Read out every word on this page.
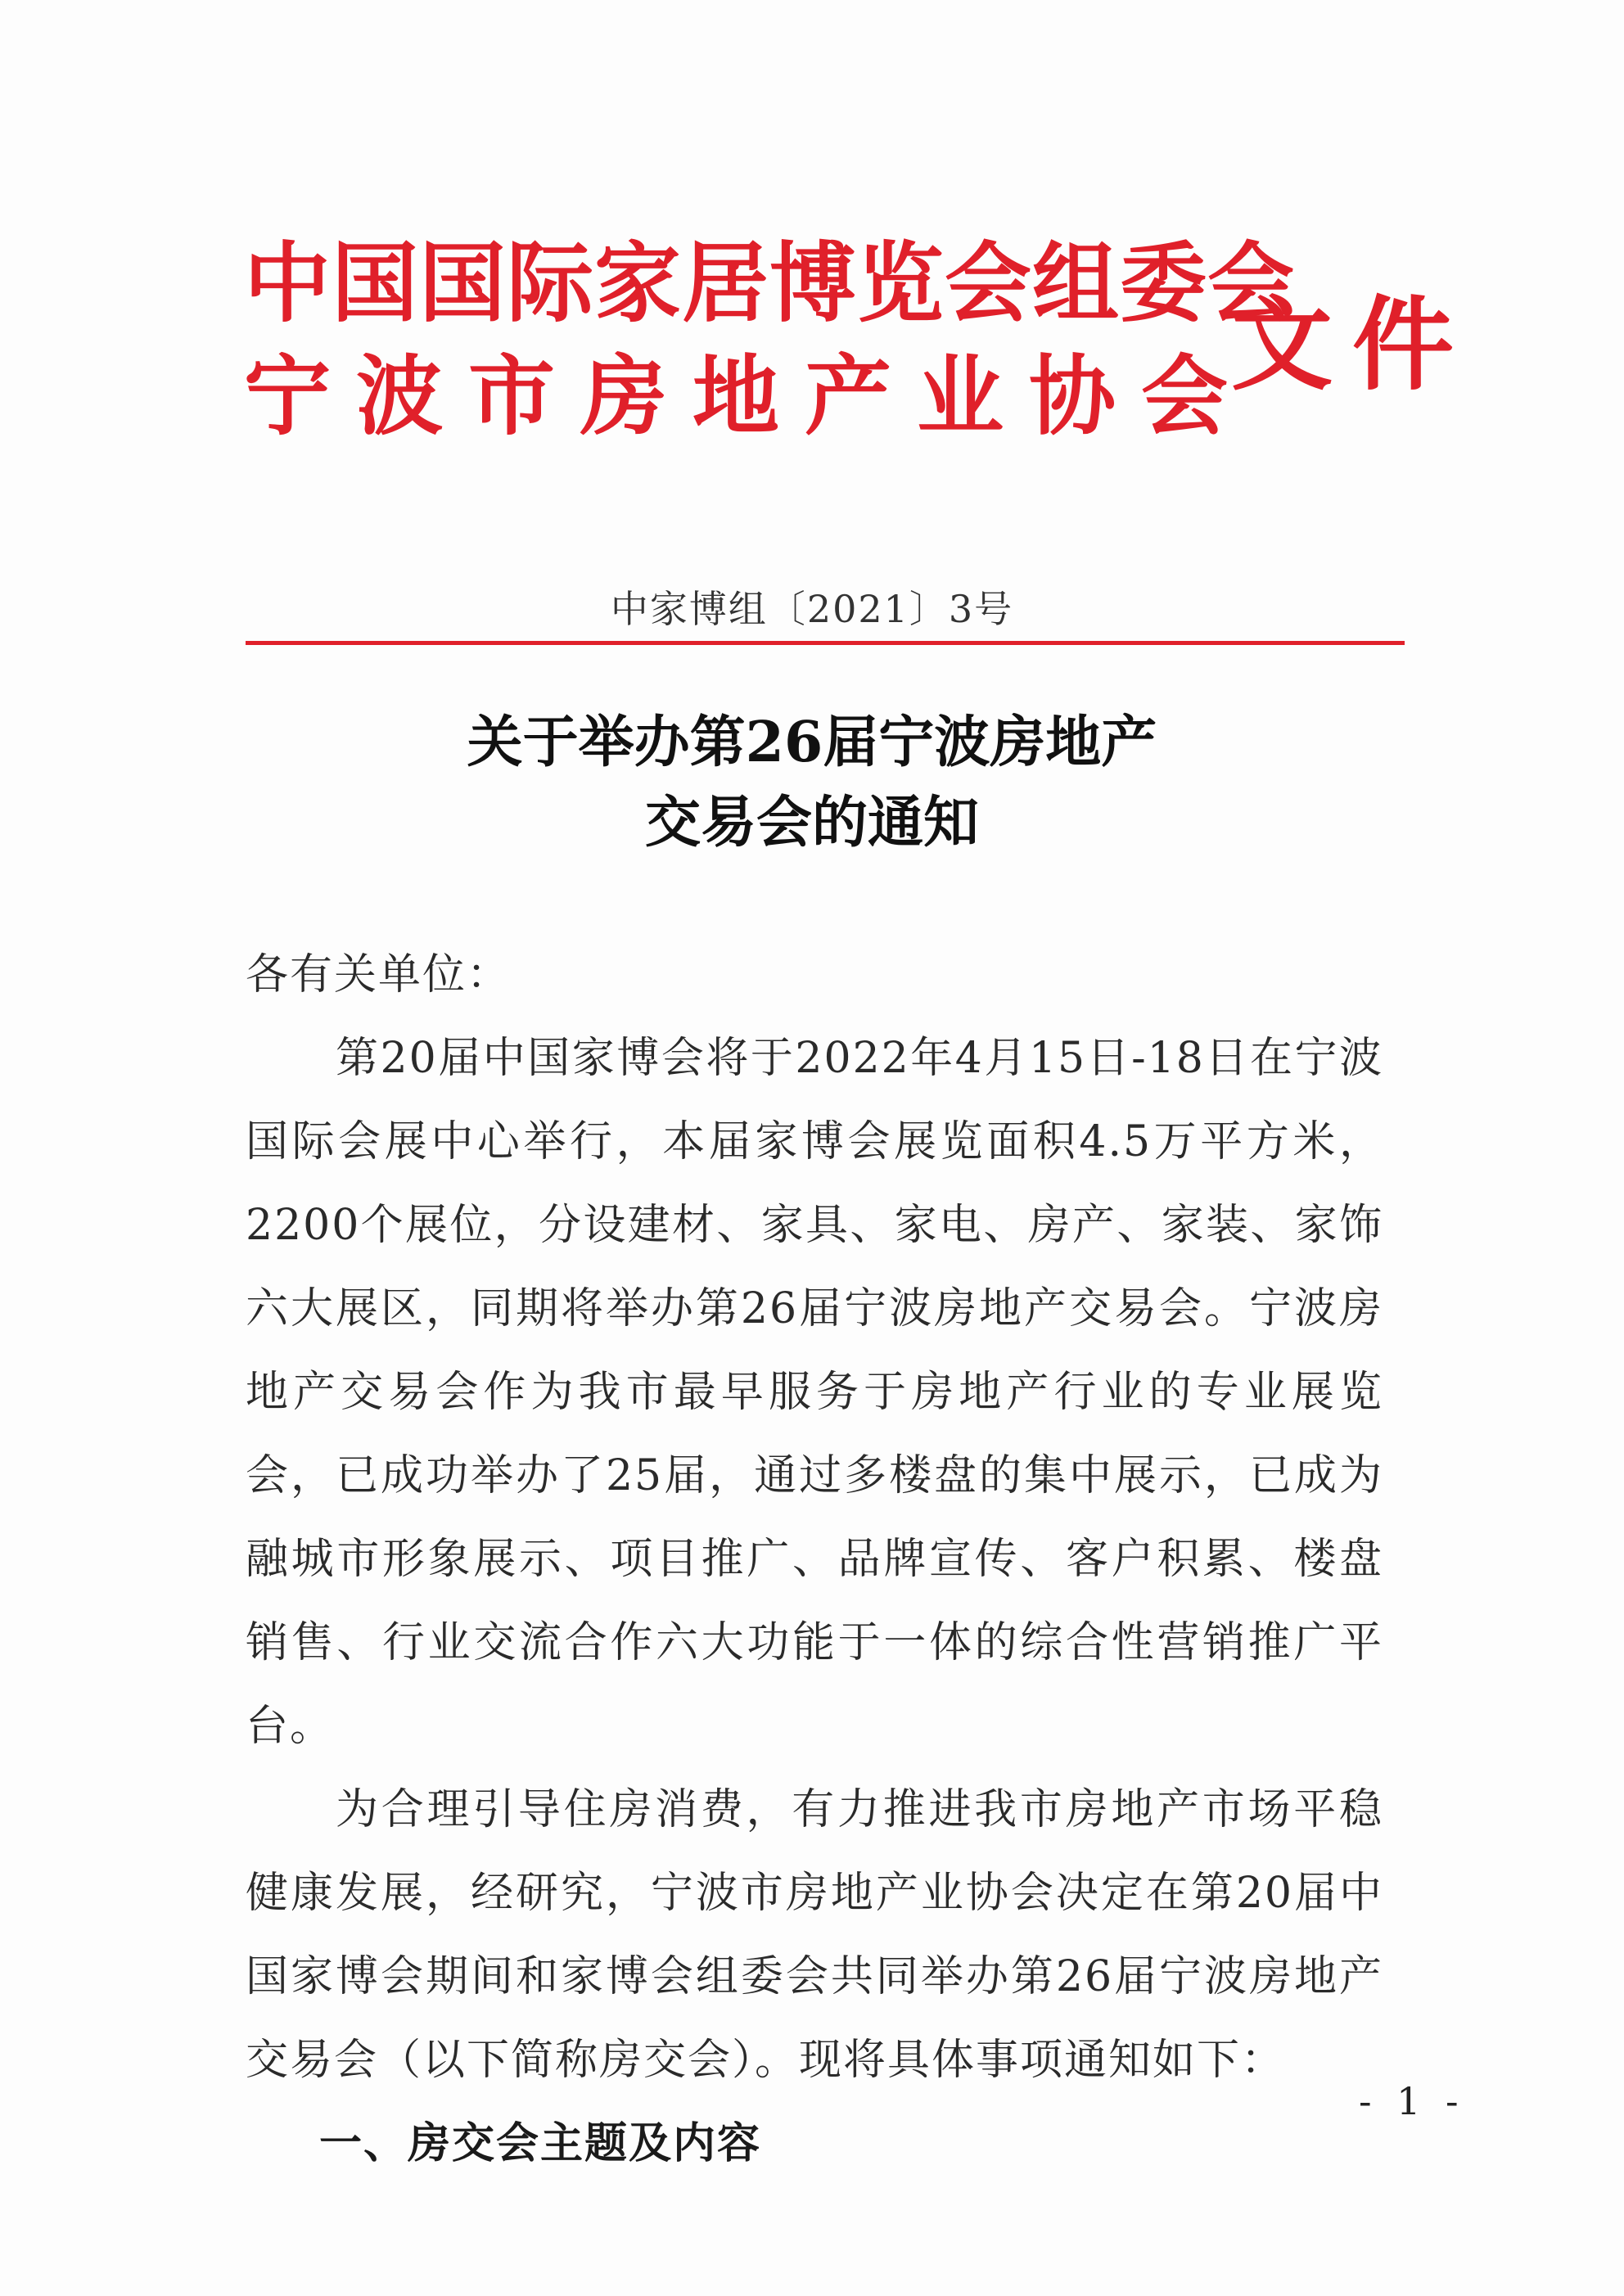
中国国际家居博览会组委会
宁波市房地产业协会
文件
中家博组〔2021〕3号
关于举办第26届宁波房地产
交易会的通知

各有关单位：

第20届中国家博会将于2022年4月15日-18日在宁波国际会展中心举行，本届家博会展览面积4.5万平方米，2200个展位，分设建材、家具、家电、房产、家装、家饰六大展区，同期将举办第26届宁波房地产交易会。宁波房地产交易会作为我市最早服务于房地产行业的专业展览会，已成功举办了25届，通过多楼盘的集中展示，已成为融城市形象展示、项目推广、品牌宣传、客户积累、楼盘销售、行业交流合作六大功能于一体的综合性营销推广平台。

为合理引导住房消费，有力推进我市房地产市场平稳健康发展，经研究，宁波市房地产业协会决定在第20届中国家博会期间和家博会组委会共同举办第26届宁波房地产交易会（以下简称房交会）。现将具体事项通知如下：

一、房交会主题及内容

- 1 -
